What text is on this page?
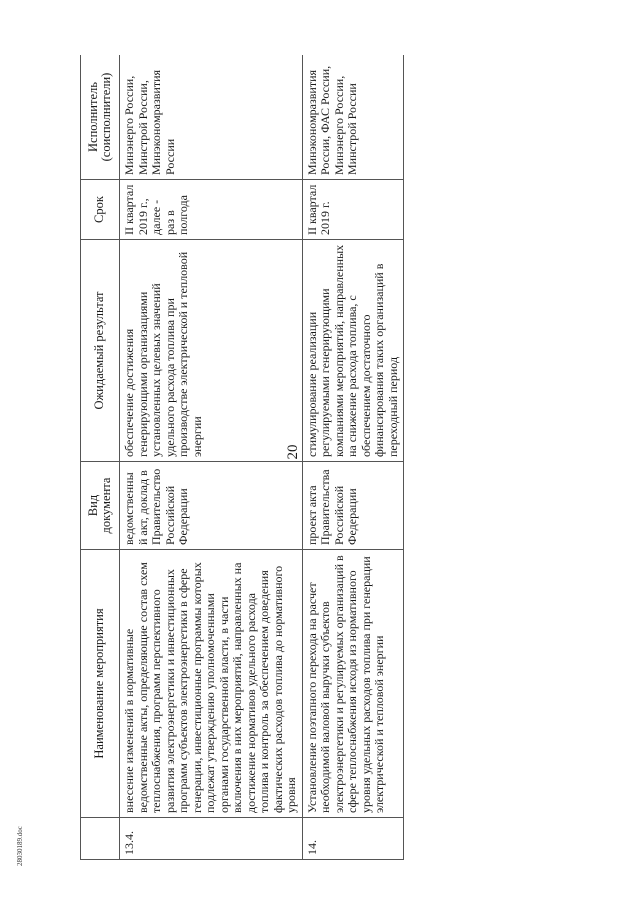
20
	Наименование мероприятия	Вид документа	Ожидаемый результат	Срок	Исполнитель (соисполнители)
13.4.	внесение изменений в нормативные ведомственные акты, определяющие состав схем теплоснабжения, программ перспективного развития электроэнергетики и инвестиционных программ субъектов электроэнергетики в сфере генерации, инвестиционные программы которых подлежат утверждению уполномоченными органами государственной власти, в части включения в них мероприятий, направленных на достижение нормативов удельного расхода топлива и контроль за обеспечением доведения фактических расходов топлива до нормативного уровня	ведомственный акт, доклад в Правительство Российской Федерации	обеспечение достижения генерирующими организациями установленных целевых значений удельного расхода топлива при производстве электрической и тепловой энергии	II квартал 2019 г., далее - раз в полгода	Минэнерго России, Минстрой России, Минэкономразвития России
14.	Установление поэтапного перехода на расчет необходимой валовой выручки субъектов электроэнергетики и регулируемых организаций в сфере теплоснабжения исходя из нормативного уровня удельных расходов топлива при генерации электрической и тепловой энергии	проект акта Правительства Российской Федерации	стимулирование реализации регулируемыми генерирующими компаниями мероприятий, направленных на снижение расхода топлива, с обеспечением достаточного финансирования таких организаций в переходный период	II квартал 2019 г.	Минэкономразвития России, ФАС России, Минэнерго России, Минстрой России
28030189.doc
